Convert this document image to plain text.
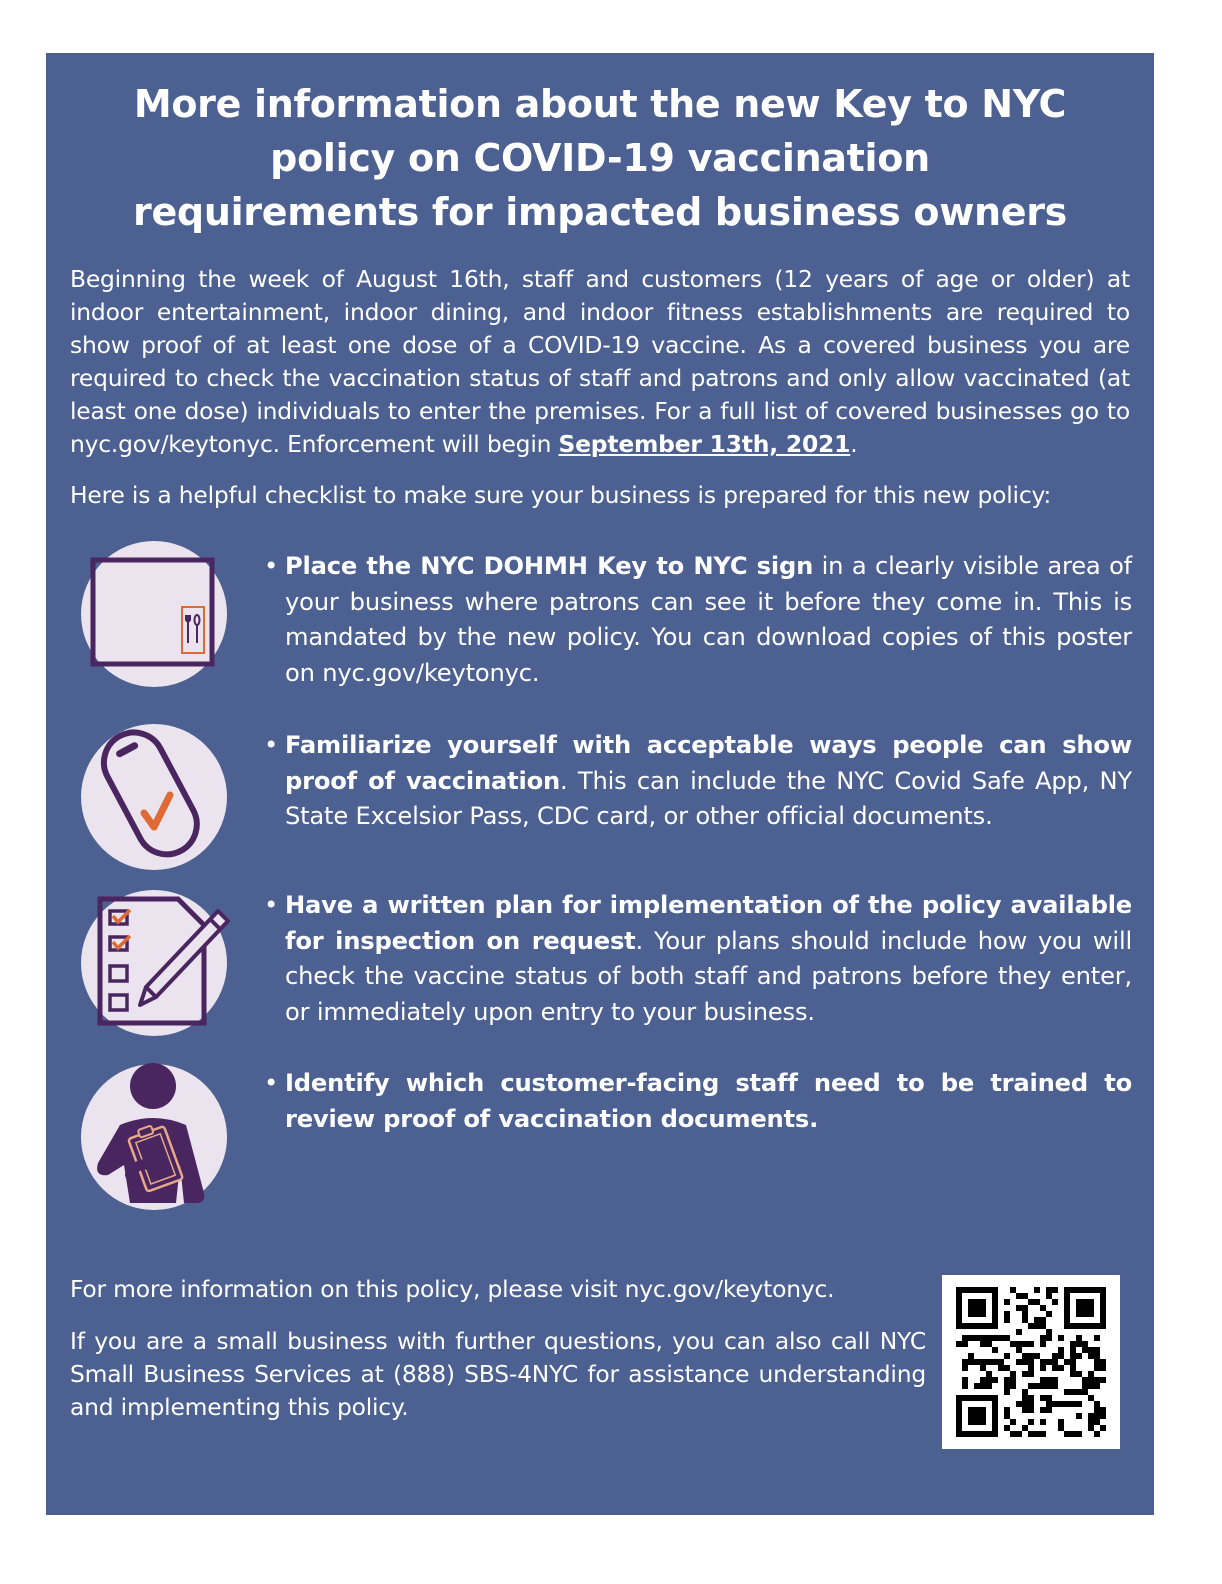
More information about the new Key to NYC
policy on COVID-19 vaccination
requirements for impacted business owners

Beginning the week of August 16th, staff and customers (12 years of age or older) at indoor entertainment, indoor dining, and indoor fitness establishments are required to show proof of at least one dose of a COVID-19 vaccine. As a covered business you are required to check the vaccination status of staff and patrons and only allow vaccinated (at least one dose) individuals to enter the premises. For a full list of covered businesses go to nyc.gov/keytonyc. Enforcement will begin September 13th, 2021.

Here is a helpful checklist to make sure your business is prepared for this new policy:

• Place the NYC DOHMH Key to NYC sign in a clearly visible area of your business where patrons can see it before they come in. This is mandated by the new policy. You can download copies of this poster on nyc.gov/keytonyc.

• Familiarize yourself with acceptable ways people can show proof of vaccination. This can include the NYC Covid Safe App, NY State Excelsior Pass, CDC card, or other official documents.

• Have a written plan for implementation of the policy available for inspection on request. Your plans should include how you will check the vaccine status of both staff and patrons before they enter, or immediately upon entry to your business.

• Identify which customer-facing staff need to be trained to review proof of vaccination documents.

For more information on this policy, please visit nyc.gov/keytonyc.

If you are a small business with further questions, you can also call NYC Small Business Services at (888) SBS-4NYC for assistance understanding and implementing this policy.
